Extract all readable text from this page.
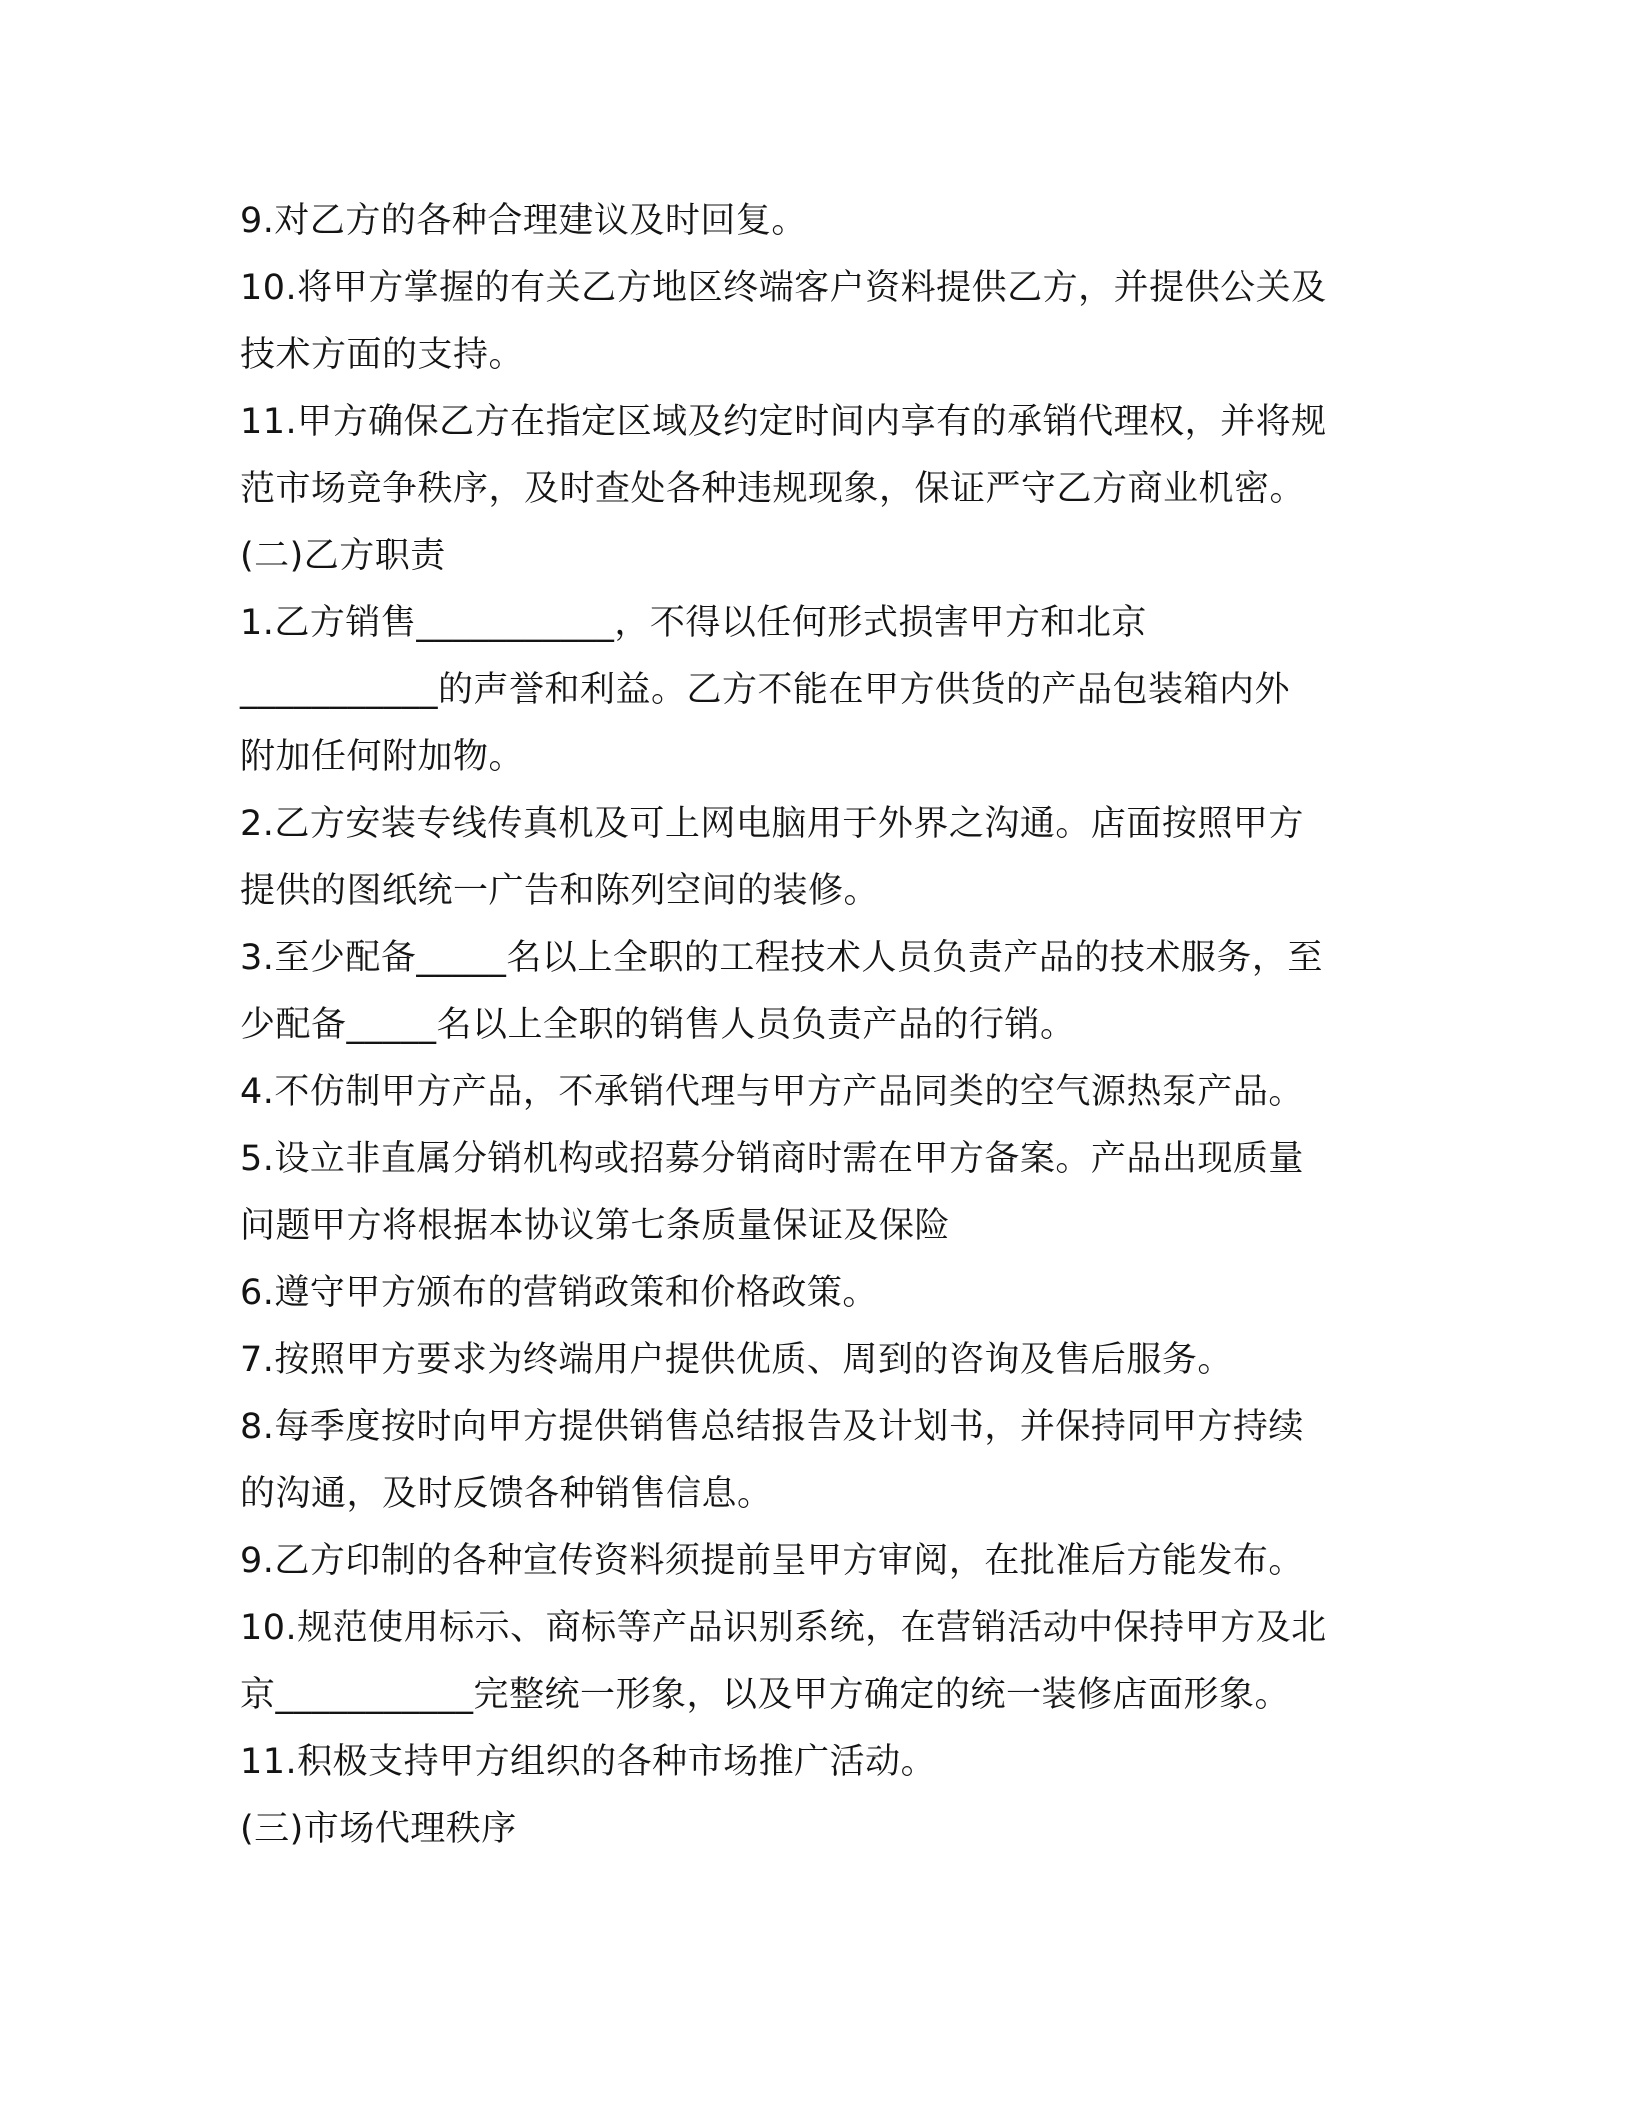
9.对乙方的各种合理建议及时回复。
10.将甲方掌握的有关乙方地区终端客户资料提供乙方，并提供公关及
技术方面的支持。
11.甲方确保乙方在指定区域及约定时间内享有的承销代理权，并将规
范市场竞争秩序，及时查处各种违规现象，保证严守乙方商业机密。
(二)乙方职责
1.乙方销售___________，不得以任何形式损害甲方和北京
___________的声誉和利益。乙方不能在甲方供货的产品包装箱内外
附加任何附加物。
2.乙方安装专线传真机及可上网电脑用于外界之沟通。店面按照甲方
提供的图纸统一广告和陈列空间的装修。
3.至少配备_____名以上全职的工程技术人员负责产品的技术服务，至
少配备_____名以上全职的销售人员负责产品的行销。
4.不仿制甲方产品，不承销代理与甲方产品同类的空气源热泵产品。
5.设立非直属分销机构或招募分销商时需在甲方备案。产品出现质量
问题甲方将根据本协议第七条质量保证及保险
6.遵守甲方颁布的营销政策和价格政策。
7.按照甲方要求为终端用户提供优质、周到的咨询及售后服务。
8.每季度按时向甲方提供销售总结报告及计划书，并保持同甲方持续
的沟通，及时反馈各种销售信息。
9.乙方印制的各种宣传资料须提前呈甲方审阅，在批准后方能发布。
10.规范使用标示、商标等产品识别系统，在营销活动中保持甲方及北
京___________完整统一形象，以及甲方确定的统一装修店面形象。
11.积极支持甲方组织的各种市场推广活动。
(三)市场代理秩序
